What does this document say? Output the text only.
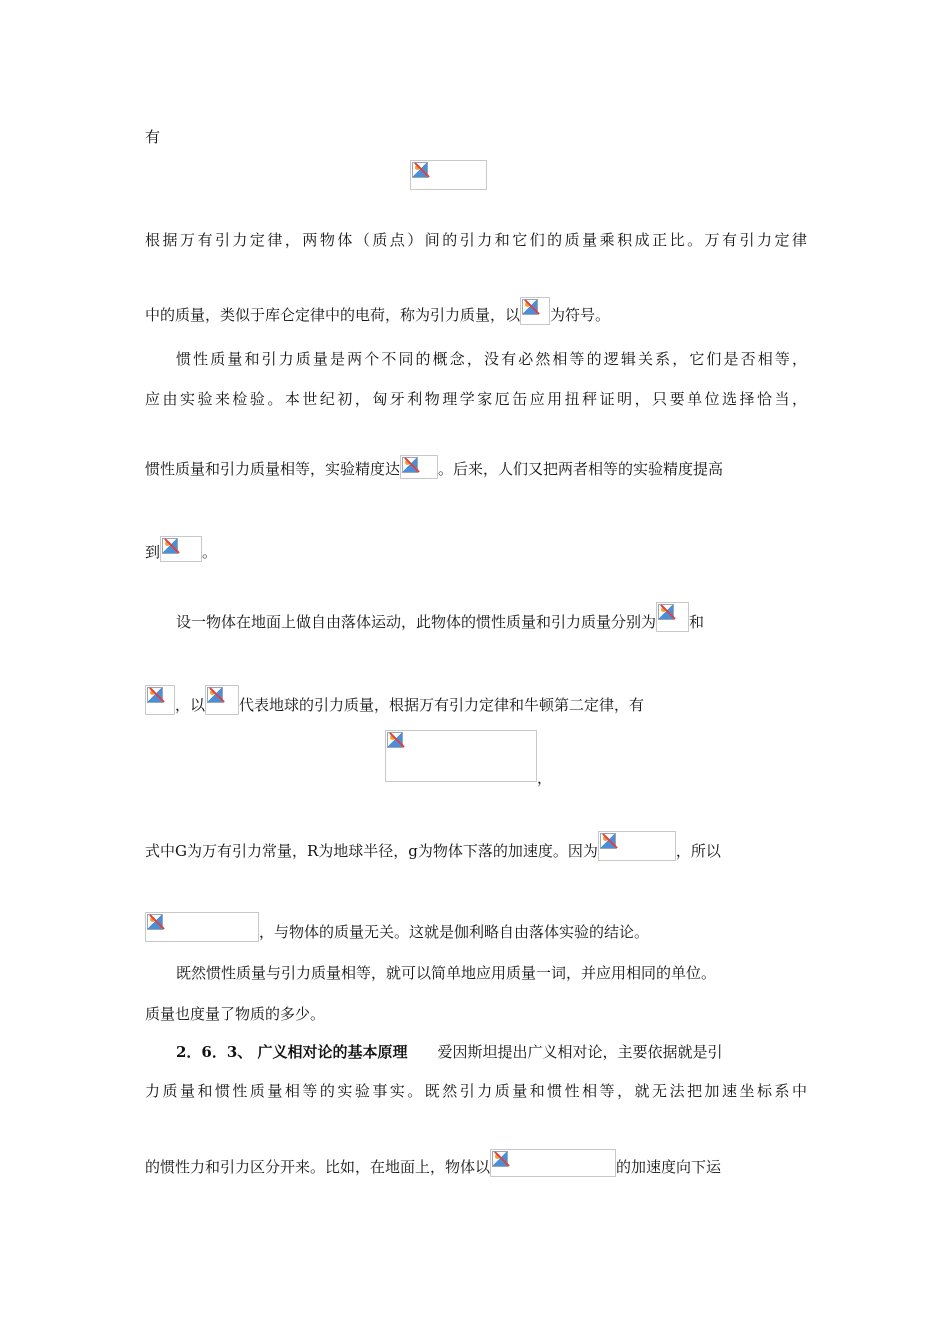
有
根据万有引力定律，两物体（质点）间的引力和它们的质量乘积成正比。万有引力定律
中的质量，类似于库仑定律中的电荷，称为引力质量，以 为符号。
惯性质量和引力质量是两个不同的概念，没有必然相等的逻辑关系，它们是否相等，
应由实验来检验。本世纪初，匈牙利物理学家厄缶应用扭秤证明，只要单位选择恰当，
惯性质量和引力质量相等，实验精度达	。后来，人们又把两者相等的实验精度提高
到	。
设一物体在地面上做自由落体运动，此物体的惯性质量和引力质量分别为 和
，以 代表地球的引力质量，根据万有引力定律和牛顿第二定律，有
，
式中G为万有引力常量，R为地球半径，g为物体下落的加速度。因为	，所以
，与物体的质量无关。这就是伽利略自由落体实验的结论。
既然惯性质量与引力质量相等，就可以简单地应用质量一词，并应用相同的单位。
质量也度量了物质的多少。
2．6．3、 广义相对论的基本原理 爱因斯坦提出广义相对论，主要依据就是引
力质量和惯性质量相等的实验事实。既然引力质量和惯性相等，就无法把加速坐标系中
的惯性力和引力区分开来。比如，在地面上，物体以	的加速度向下运
